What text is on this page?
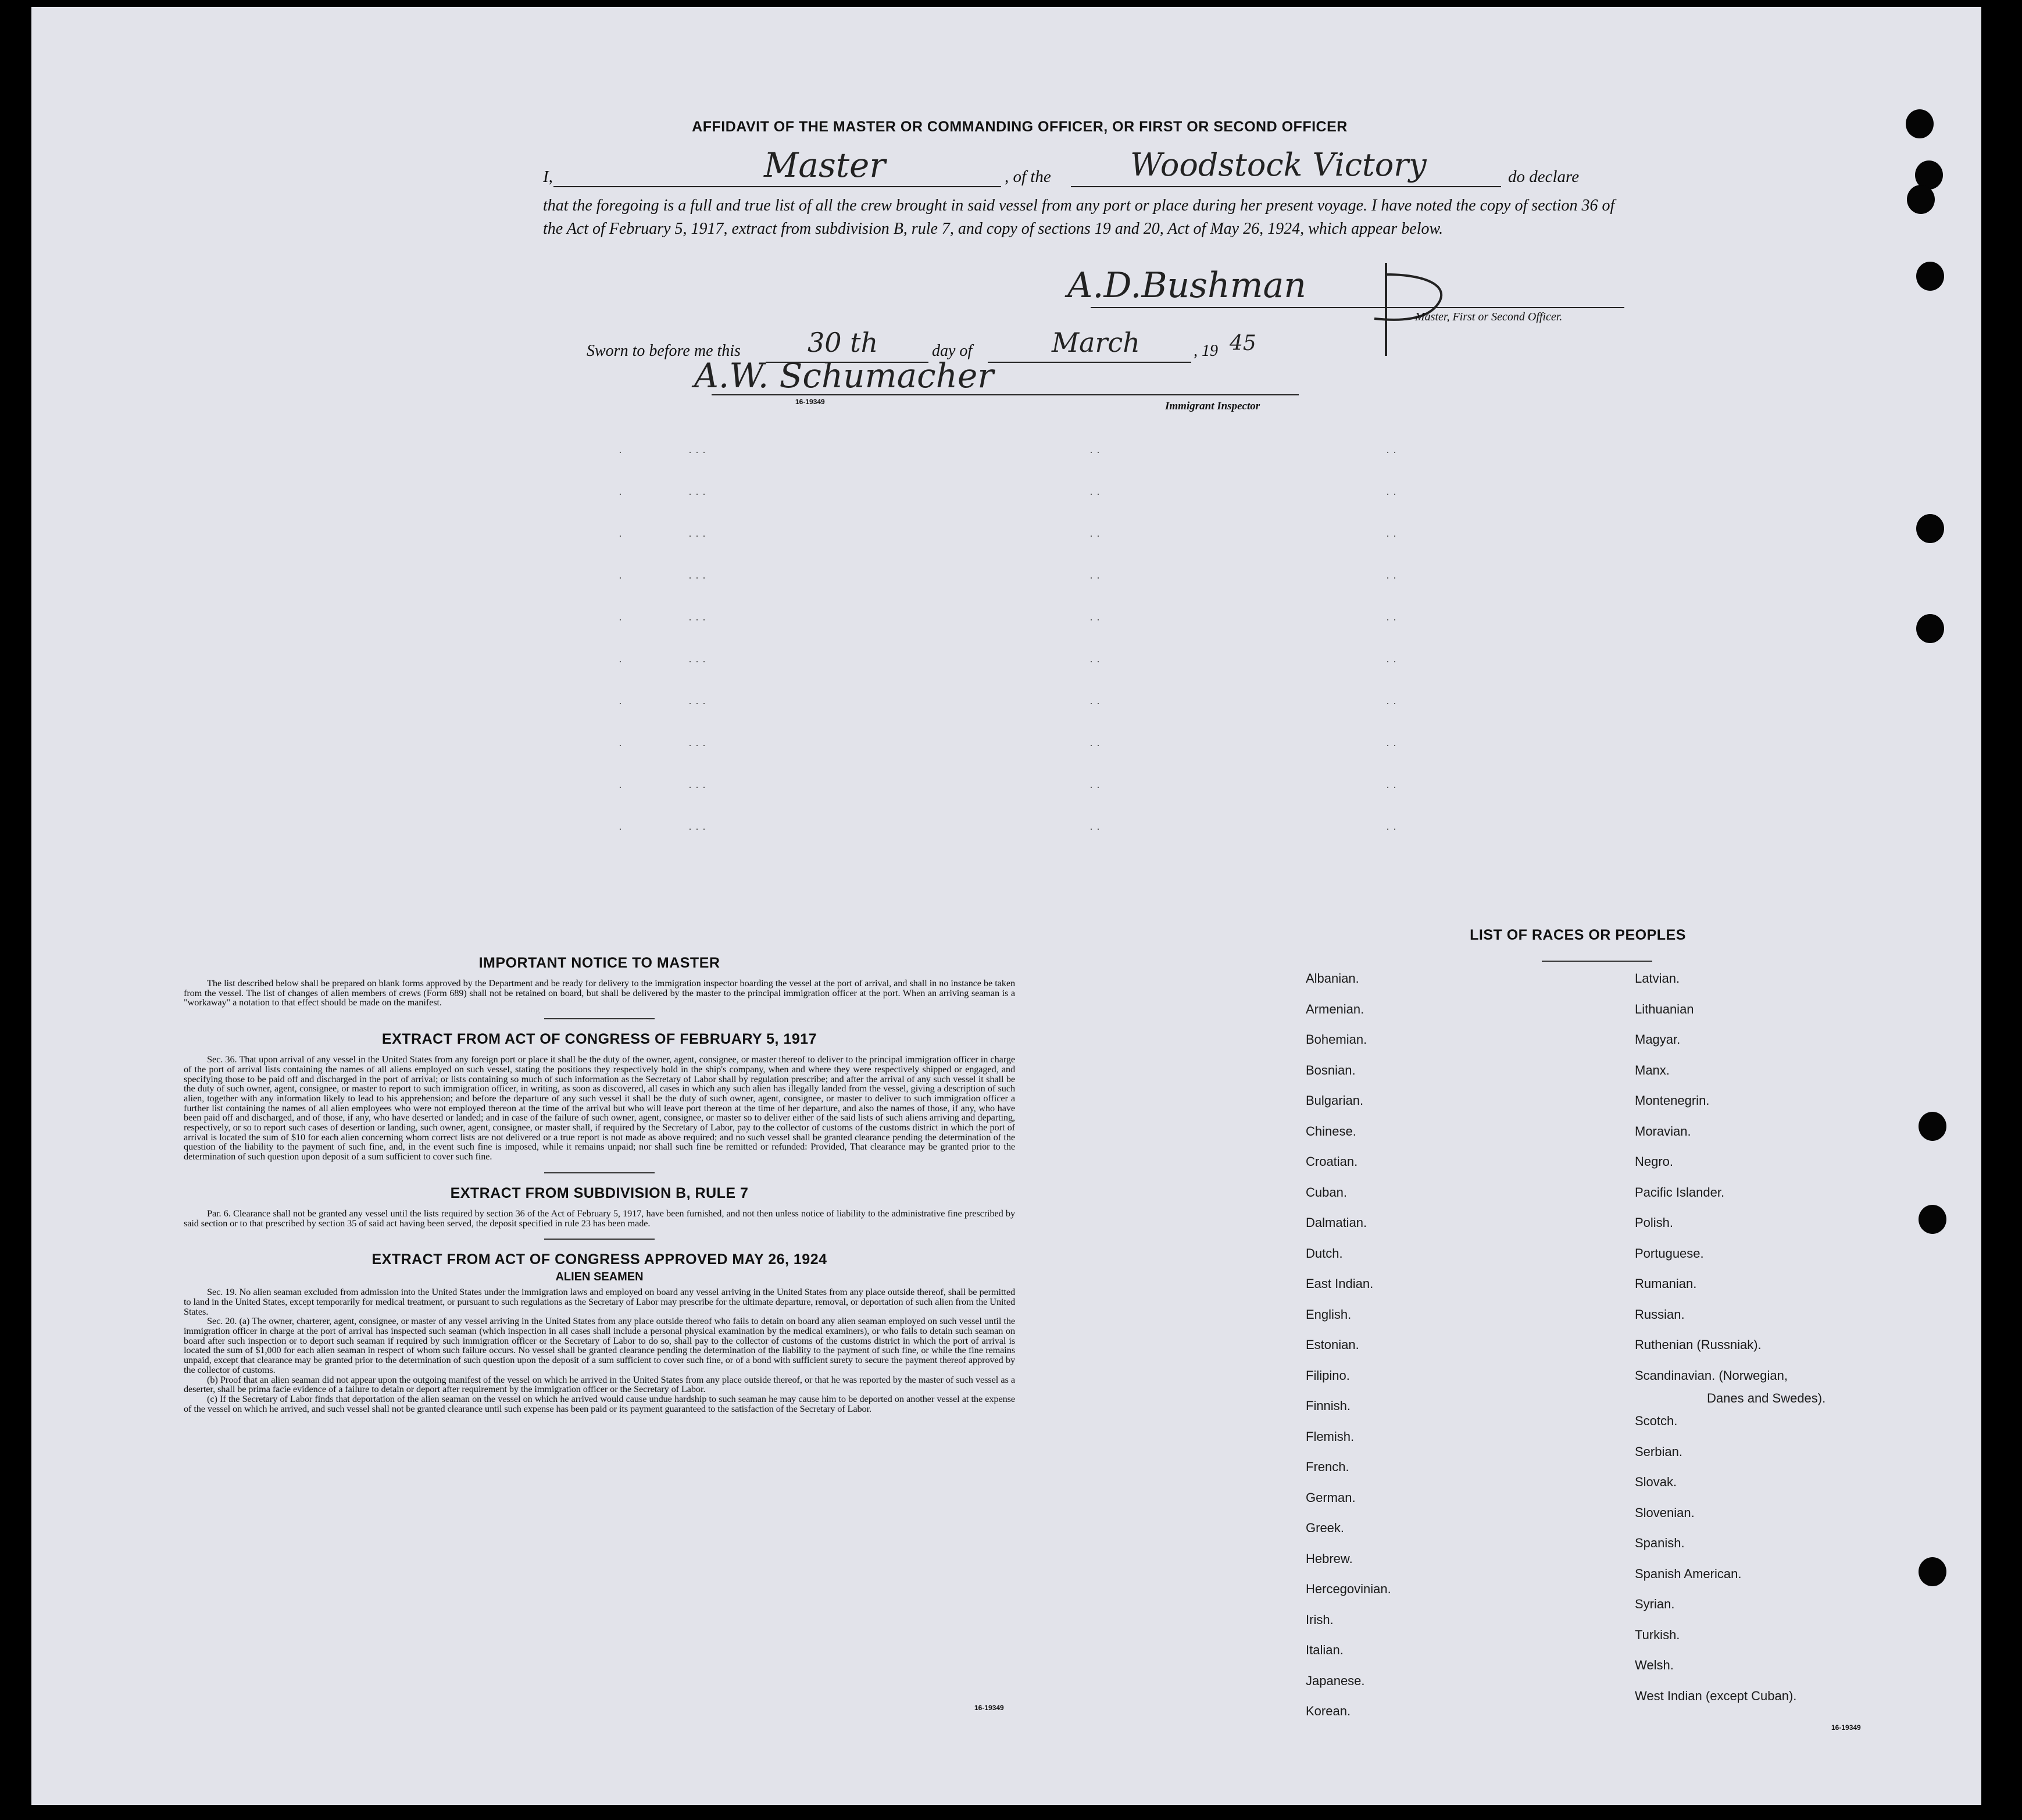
AFFIDAVIT OF THE MASTER OR COMMANDING OFFICER, OR FIRST OR SECOND OFFICER
I,	Master	, of the	Woodstock Victory	do declare
that the foregoing is a full and true list of all the crew brought in said vessel from any port or place during her present voyage. I have noted the copy of section 36 of the Act of February 5, 1917, extract from subdivision B, rule 7, and copy of sections 19 and 20, Act of May 26, 1924, which appear below.
A.D.Bushman
Master, First or Second Officer.
Sworn to before me this	30 th	day of	March	, 19 45
A.W. Schumacher
16-19349	Immigrant Inspector
·
·
·
·
·
·
·
·
·
·
···
···
···
···
···
···
···
···
···
···
··
··
··
··
··
··
··
··
··
··
··
··
··
··
··
··
··
··
··
··
IMPORTANT NOTICE TO MASTER

The list described below shall be prepared on blank forms approved by the Department and be ready for delivery to the immigration inspector boarding the vessel at the port of arrival, and shall in no instance be taken from the vessel. The list of changes of alien members of crews (Form 689) shall not be retained on board, but shall be delivered by the master to the principal immigration officer at the port. When an arriving seaman is a "workaway" a notation to that effect should be made on the manifest.

EXTRACT FROM ACT OF CONGRESS OF FEBRUARY 5, 1917

Sec. 36. That upon arrival of any vessel in the United States from any foreign port or place it shall be the duty of the owner, agent, consignee, or master thereof to deliver to the principal immigration officer in charge of the port of arrival lists containing the names of all aliens employed on such vessel, stating the positions they respectively hold in the ship's company, when and where they were respectively shipped or engaged, and specifying those to be paid off and discharged in the port of arrival; or lists containing so much of such information as the Secretary of Labor shall by regulation prescribe; and after the arrival of any such vessel it shall be the duty of such owner, agent, consignee, or master to report to such immigration officer, in writing, as soon as discovered, all cases in which any such alien has illegally landed from the vessel, giving a description of such alien, together with any information likely to lead to his apprehension; and before the departure of any such vessel it shall be the duty of such owner, agent, consignee, or master to deliver to such immigration officer a further list containing the names of all alien employees who were not employed thereon at the time of the arrival but who will leave port thereon at the time of her departure, and also the names of those, if any, who have been paid off and discharged, and of those, if any, who have deserted or landed; and in case of the failure of such owner, agent, consignee, or master so to deliver either of the said lists of such aliens arriving and departing, respectively, or so to report such cases of desertion or landing, such owner, agent, consignee, or master shall, if required by the Secretary of Labor, pay to the collector of customs of the customs district in which the port of arrival is located the sum of $10 for each alien concerning whom correct lists are not delivered or a true report is not made as above required; and no such vessel shall be granted clearance pending the determination of the question of the liability to the payment of such fine, and, in the event such fine is imposed, while it remains unpaid; nor shall such fine be remitted or refunded: Provided, That clearance may be granted prior to the determination of such question upon deposit of a sum sufficient to cover such fine.

EXTRACT FROM SUBDIVISION B, RULE 7

Par. 6. Clearance shall not be granted any vessel until the lists required by section 36 of the Act of February 5, 1917, have been furnished, and not then unless notice of liability to the administrative fine prescribed by said section or to that prescribed by section 35 of said act having been served, the deposit specified in rule 23 has been made.

EXTRACT FROM ACT OF CONGRESS APPROVED MAY 26, 1924
ALIEN SEAMEN

Sec. 19. No alien seaman excluded from admission into the United States under the immigration laws and employed on board any vessel arriving in the United States from any place outside thereof, shall be permitted to land in the United States, except temporarily for medical treatment, or pursuant to such regulations as the Secretary of Labor may prescribe for the ultimate departure, removal, or deportation of such alien from the United States.

Sec. 20. (a) The owner, charterer, agent, consignee, or master of any vessel arriving in the United States from any place outside thereof who fails to detain on board any alien seaman employed on such vessel until the immigration officer in charge at the port of arrival has inspected such seaman (which inspection in all cases shall include a personal physical examination by the medical examiners), or who fails to detain such seaman on board after such inspection or to deport such seaman if required by such immigration officer or the Secretary of Labor to do so, shall pay to the collector of customs of the customs district in which the port of arrival is located the sum of $1,000 for each alien seaman in respect of whom such failure occurs. No vessel shall be granted clearance pending the determination of the liability to the payment of such fine, or while the fine remains unpaid, except that clearance may be granted prior to the determination of such question upon the deposit of a sum sufficient to cover such fine, or of a bond with sufficient surety to secure the payment thereof approved by the collector of customs.

(b) Proof that an alien seaman did not appear upon the outgoing manifest of the vessel on which he arrived in the United States from any place outside thereof, or that he was reported by the master of such vessel as a deserter, shall be prima facie evidence of a failure to detain or deport after requirement by the immigration officer or the Secretary of Labor.

(c) If the Secretary of Labor finds that deportation of the alien seaman on the vessel on which he arrived would cause undue hardship to such seaman he may cause him to be deported on another vessel at the expense of the vessel on which he arrived, and such vessel shall not be granted clearance until such expense has been paid or its payment guaranteed to the satisfaction of the Secretary of Labor.

16-19349
LIST OF RACES OR PEOPLES
Danes and Swedes).
16-19349
Albanian.
Armenian.
Bohemian.
Bosnian.
Bulgarian.
Chinese.
Croatian.
Cuban.
Dalmatian.
Dutch.
East Indian.
English.
Estonian.
Filipino.
Finnish.
Flemish.
French.
German.
Greek.
Hebrew.
Hercegovinian.
Irish.
Italian.
Japanese.
Korean.
Latvian.
Lithuanian
Magyar.
Manx.
Montenegrin.
Moravian.
Negro.
Pacific Islander.
Polish.
Portuguese.
Rumanian.
Russian.
Ruthenian (Russniak).
Scandinavian. (Norwegian,
Scotch.
Serbian.
Slovak.
Slovenian.
Spanish.
Spanish American.
Syrian.
Turkish.
Welsh.
West Indian (except Cuban).
